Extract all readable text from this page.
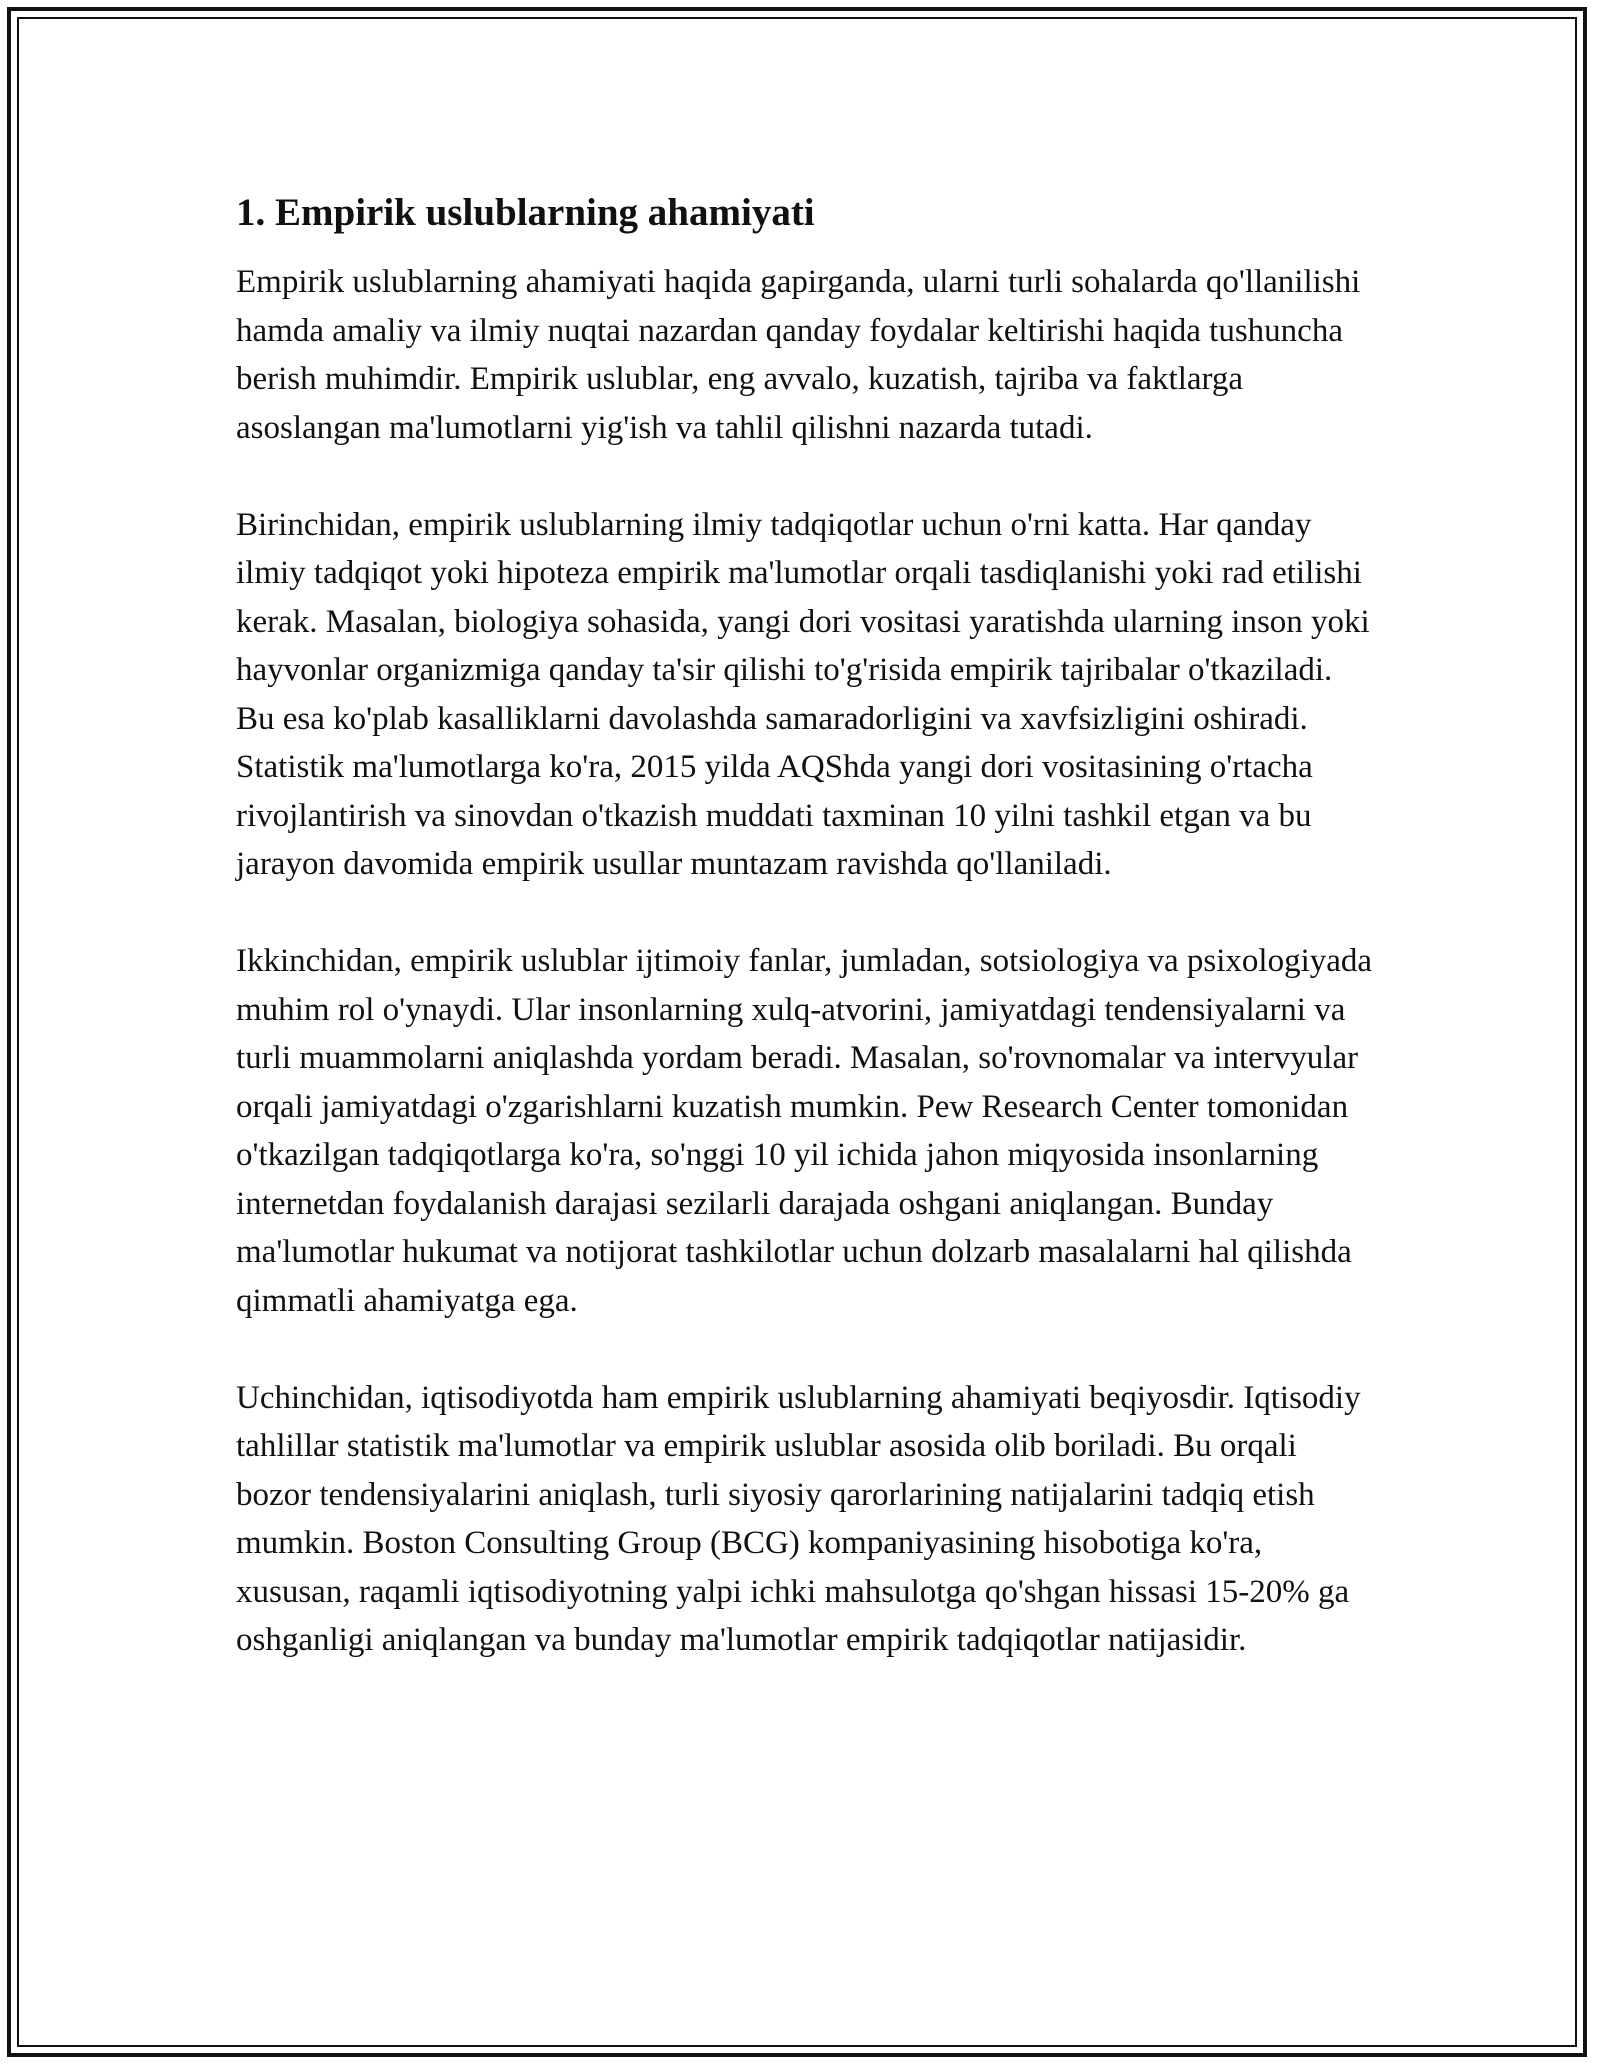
1. Empirik uslublarning ahamiyati

Empirik uslublarning ahamiyati haqida gapirganda, ularni turli sohalarda qo'llanilishi hamda amaliy va ilmiy nuqtai nazardan qanday foydalar keltirishi haqida tushuncha berish muhimdir. Empirik uslublar, eng avvalo, kuzatish, tajriba va faktlarga asoslangan ma'lumotlarni yig'ish va tahlil qilishni nazarda tutadi.

Birinchidan, empirik uslublarning ilmiy tadqiqotlar uchun o'rni katta. Har qanday ilmiy tadqiqot yoki hipoteza empirik ma'lumotlar orqali tasdiqlanishi yoki rad etilishi kerak. Masalan, biologiya sohasida, yangi dori vositasi yaratishda ularning inson yoki hayvonlar organizmiga qanday ta'sir qilishi to'g'risida empirik tajribalar o'tkaziladi. Bu esa ko'plab kasalliklarni davolashda samaradorligini va xavfsizligini oshiradi. Statistik ma'lumotlarga ko'ra, 2015 yilda AQShda yangi dori vositasining o'rtacha rivojlantirish va sinovdan o'tkazish muddati taxminan 10 yilni tashkil etgan va bu jarayon davomida empirik usullar muntazam ravishda qo'llaniladi.

Ikkinchidan, empirik uslublar ijtimoiy fanlar, jumladan, sotsiologiya va psixologiyada muhim rol o'ynaydi. Ular insonlarning xulq-atvorini, jamiyatdagi tendensiyalarni va turli muammolarni aniqlashda yordam beradi. Masalan, so'rovnomalar va intervyular orqali jamiyatdagi o'zgarishlarni kuzatish mumkin. Pew Research Center tomonidan o'tkazilgan tadqiqotlarga ko'ra, so'nggi 10 yil ichida jahon miqyosida insonlarning internetdan foydalanish darajasi sezilarli darajada oshgani aniqlangan. Bunday ma'lumotlar hukumat va notijorat tashkilotlar uchun dolzarb masalalarni hal qilishda qimmatli ahamiyatga ega.

Uchinchidan, iqtisodiyotda ham empirik uslublarning ahamiyati beqiyosdir. Iqtisodiy tahlillar statistik ma'lumotlar va empirik uslublar asosida olib boriladi. Bu orqali bozor tendensiyalarini aniqlash, turli siyosiy qarorlarining natijalarini tadqiq etish mumkin. Boston Consulting Group (BCG) kompaniyasining hisobotiga ko'ra, xususan, raqamli iqtisodiyotning yalpi ichki mahsulotga qo'shgan hissasi 15-20% ga oshganligi aniqlangan va bunday ma'lumotlar empirik tadqiqotlar natijasidir.
